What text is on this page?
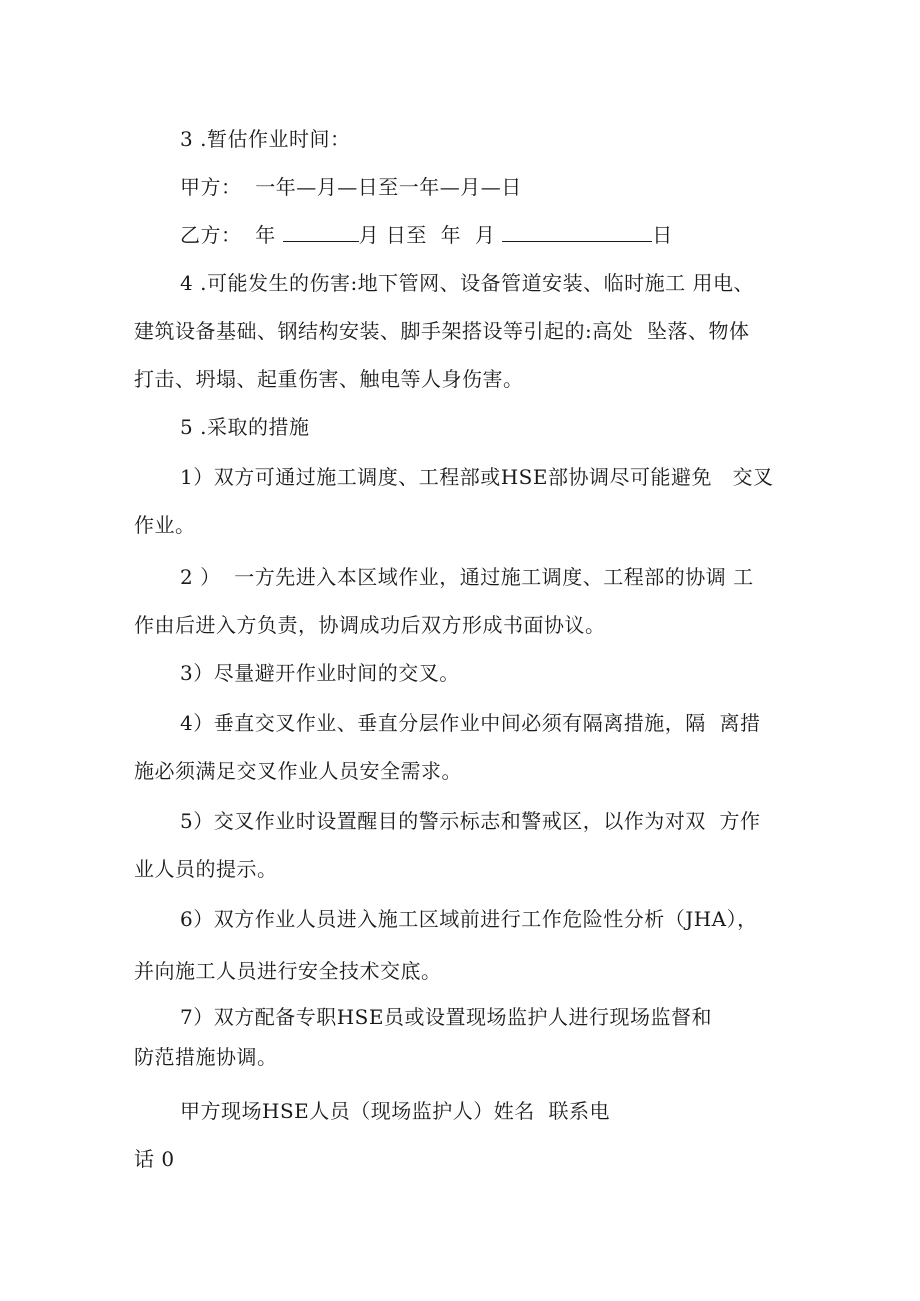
3 .暂估作业时间：
甲方：  一年—月—日至一年—月—日
乙方：  年	月 日至  年  月	日
4 .可能发生的伤害:地下管网、设备管道安装、临时施工 用电、
建筑设备基础、钢结构安装、脚手架搭设等引起的:高处  坠落、物体
打击、坍塌、起重伤害、触电等人身伤害。
5 .采取的措施
1）双方可通过施工调度、工程部或HSE部协调尽可能避免   交叉
作业。
2 ）  一方先进入本区域作业，通过施工调度、工程部的协调 工
作由后进入方负责，协调成功后双方形成书面协议。
3）尽量避开作业时间的交叉。
4）垂直交叉作业、垂直分层作业中间必须有隔离措施，隔  离措
施必须满足交叉作业人员安全需求。
5）交叉作业时设置醒目的警示标志和警戒区，以作为对双  方作
业人员的提示。
6）双方作业人员进入施工区域前进行工作危险性分析（JHA），
并向施工人员进行安全技术交底。
7）双方配备专职HSE员或设置现场监护人进行现场监督和
防范措施协调。
甲方现场HSE人员（现场监护人）姓名  联系电
话 0
